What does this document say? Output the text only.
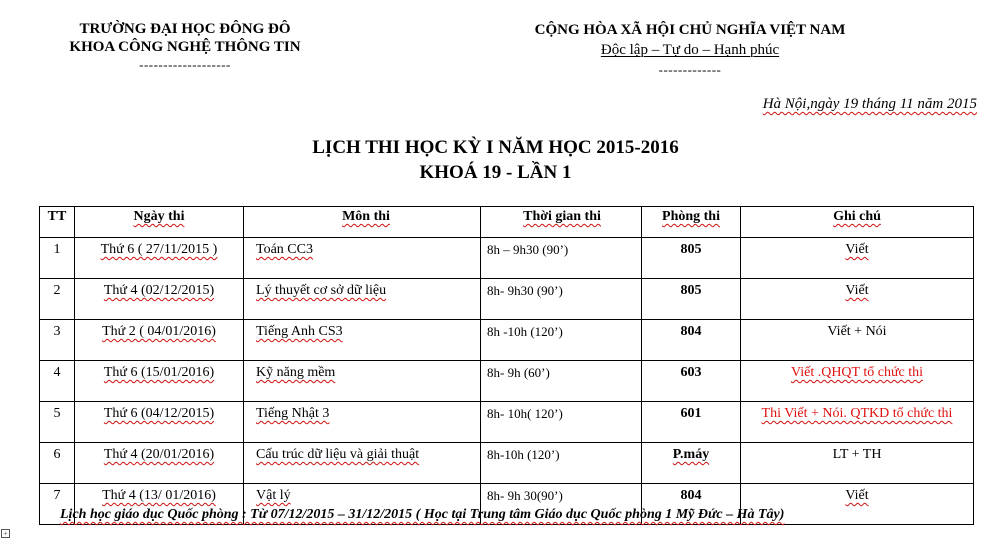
TRƯỜNG ĐẠI HỌC ĐÔNG ĐÔ
KHOA CÔNG NGHỆ THÔNG TIN
-------------------
CỘNG HÒA XÃ HỘI CHỦ NGHĨA VIỆT NAM
Độc lập – Tự do – Hạnh phúc
-------------
Hà Nội,ngày 19 tháng 11 năm 2015
LỊCH THI HỌC KỲ I NĂM HỌC 2015-2016
KHOÁ 19 - LẦN 1
TT	Ngày thi	Môn thi	Thời gian thi	Phòng thi	Ghi chú
1	Thứ 6 ( 27/11/2015 )	Toán CC3	8h – 9h30 (90’)	805	Viết
2	Thứ 4 (02/12/2015)	Lý thuyết cơ sở dữ liệu	8h- 9h30 (90’)	805	Viết
3	Thứ 2 ( 04/01/2016)	Tiếng Anh CS3	8h -10h (120’)	804	Viết + Nói
4	Thứ 6 (15/01/2016)	Kỹ năng mềm	8h- 9h (60’)	603	Viết .QHQT tổ chức thi
5	Thứ 6 (04/12/2015)	Tiếng Nhật 3	8h- 10h( 120’)	601	Thi Viết + Nói. QTKD tổ chức thi
6	Thứ 4 (20/01/2016)	Cấu trúc dữ liệu và giải thuật	8h-10h (120’)	P.máy	LT + TH
7	Thứ 4 (13/ 01/2016)	Vật lý	8h- 9h 30(90’)	804	Viết
Lịch học giáo dục Quốc phòng : Từ 07/12/2015 – 31/12/2015 ( Học tại Trung tâm Giáo dục Quốc phòng 1 Mỹ Đức – Hà Tây)
+
